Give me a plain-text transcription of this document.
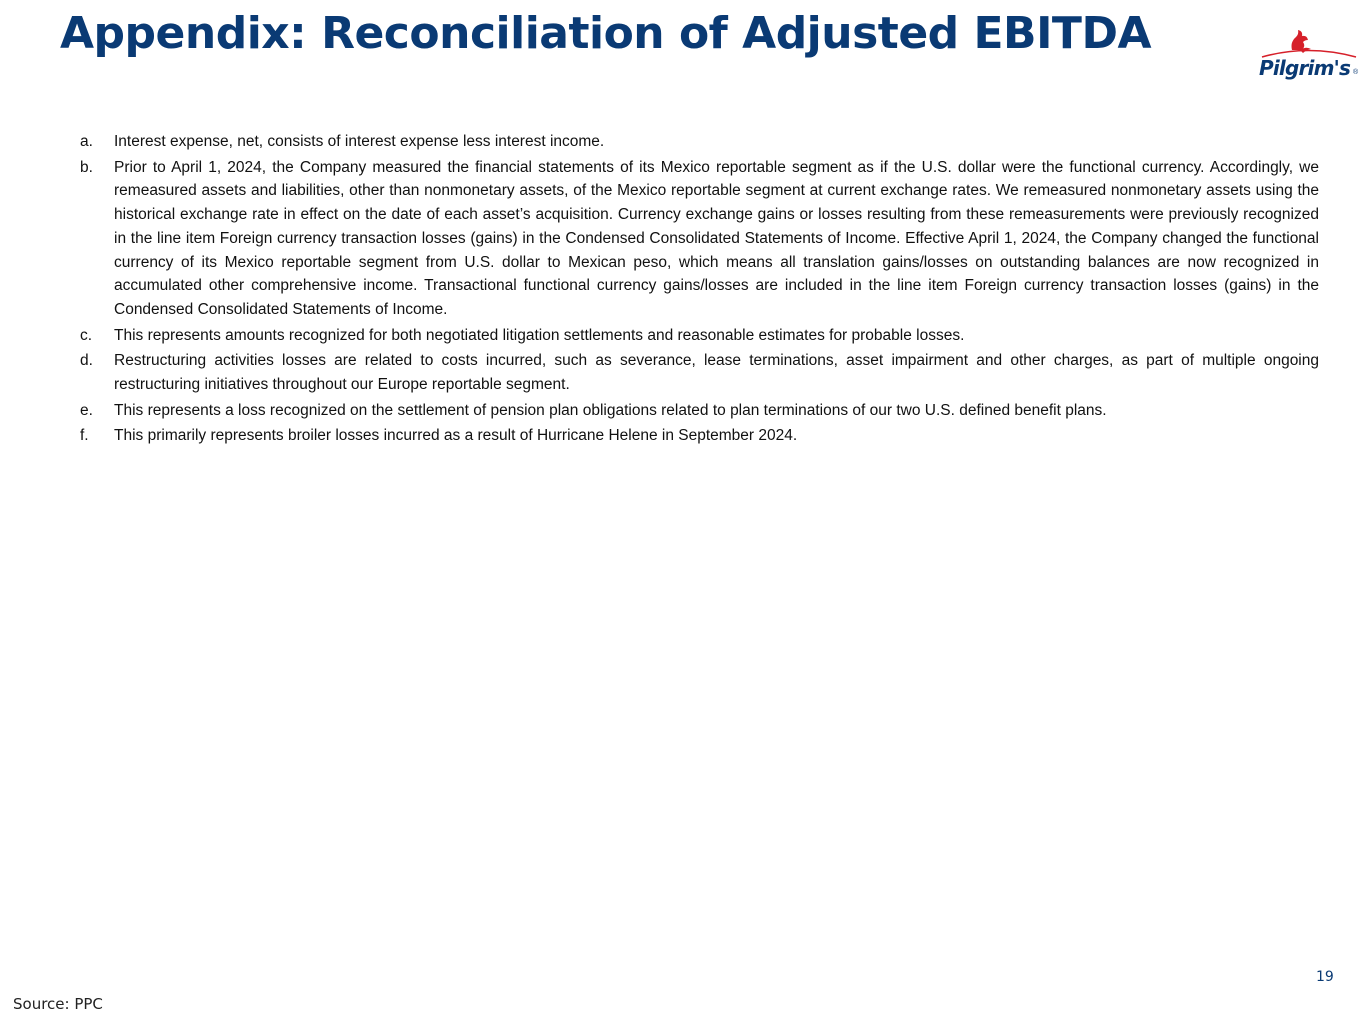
Appendix: Reconciliation of Adjusted EBITDA
Pilgrim's ®
a.	Interest expense, net, consists of interest expense less interest income.
b.	Prior to April 1, 2024, the Company measured the financial statements of its Mexico reportable segment as if the U.S. dollar were the functional currency. Accordingly, we remeasured assets and liabilities, other than nonmonetary assets, of the Mexico reportable segment at current exchange rates. We remeasured nonmonetary assets using the historical exchange rate in effect on the date of each asset’s acquisition. Currency exchange gains or losses resulting from these remeasurements were previously recognized in the line item Foreign currency transaction losses (gains) in the Condensed Consolidated Statements of Income. Effective April 1, 2024, the Company changed the functional currency of its Mexico reportable segment from U.S. dollar to Mexican peso, which means all translation gains/losses on outstanding balances are now recognized in accumulated other comprehensive income. Transactional functional currency gains/losses are included in the line item Foreign currency transaction losses (gains) in the Condensed Consolidated Statements of Income.
c.	This represents amounts recognized for both negotiated litigation settlements and reasonable estimates for probable losses.
d.	Restructuring activities losses are related to costs incurred, such as severance, lease terminations, asset impairment and other charges, as part of multiple ongoing restructuring initiatives throughout our Europe reportable segment.
e.	This represents a loss recognized on the settlement of pension plan obligations related to plan terminations of our two U.S. defined benefit plans.
f.	This primarily represents broiler losses incurred as a result of Hurricane Helene in September 2024.
19
Source: PPC
